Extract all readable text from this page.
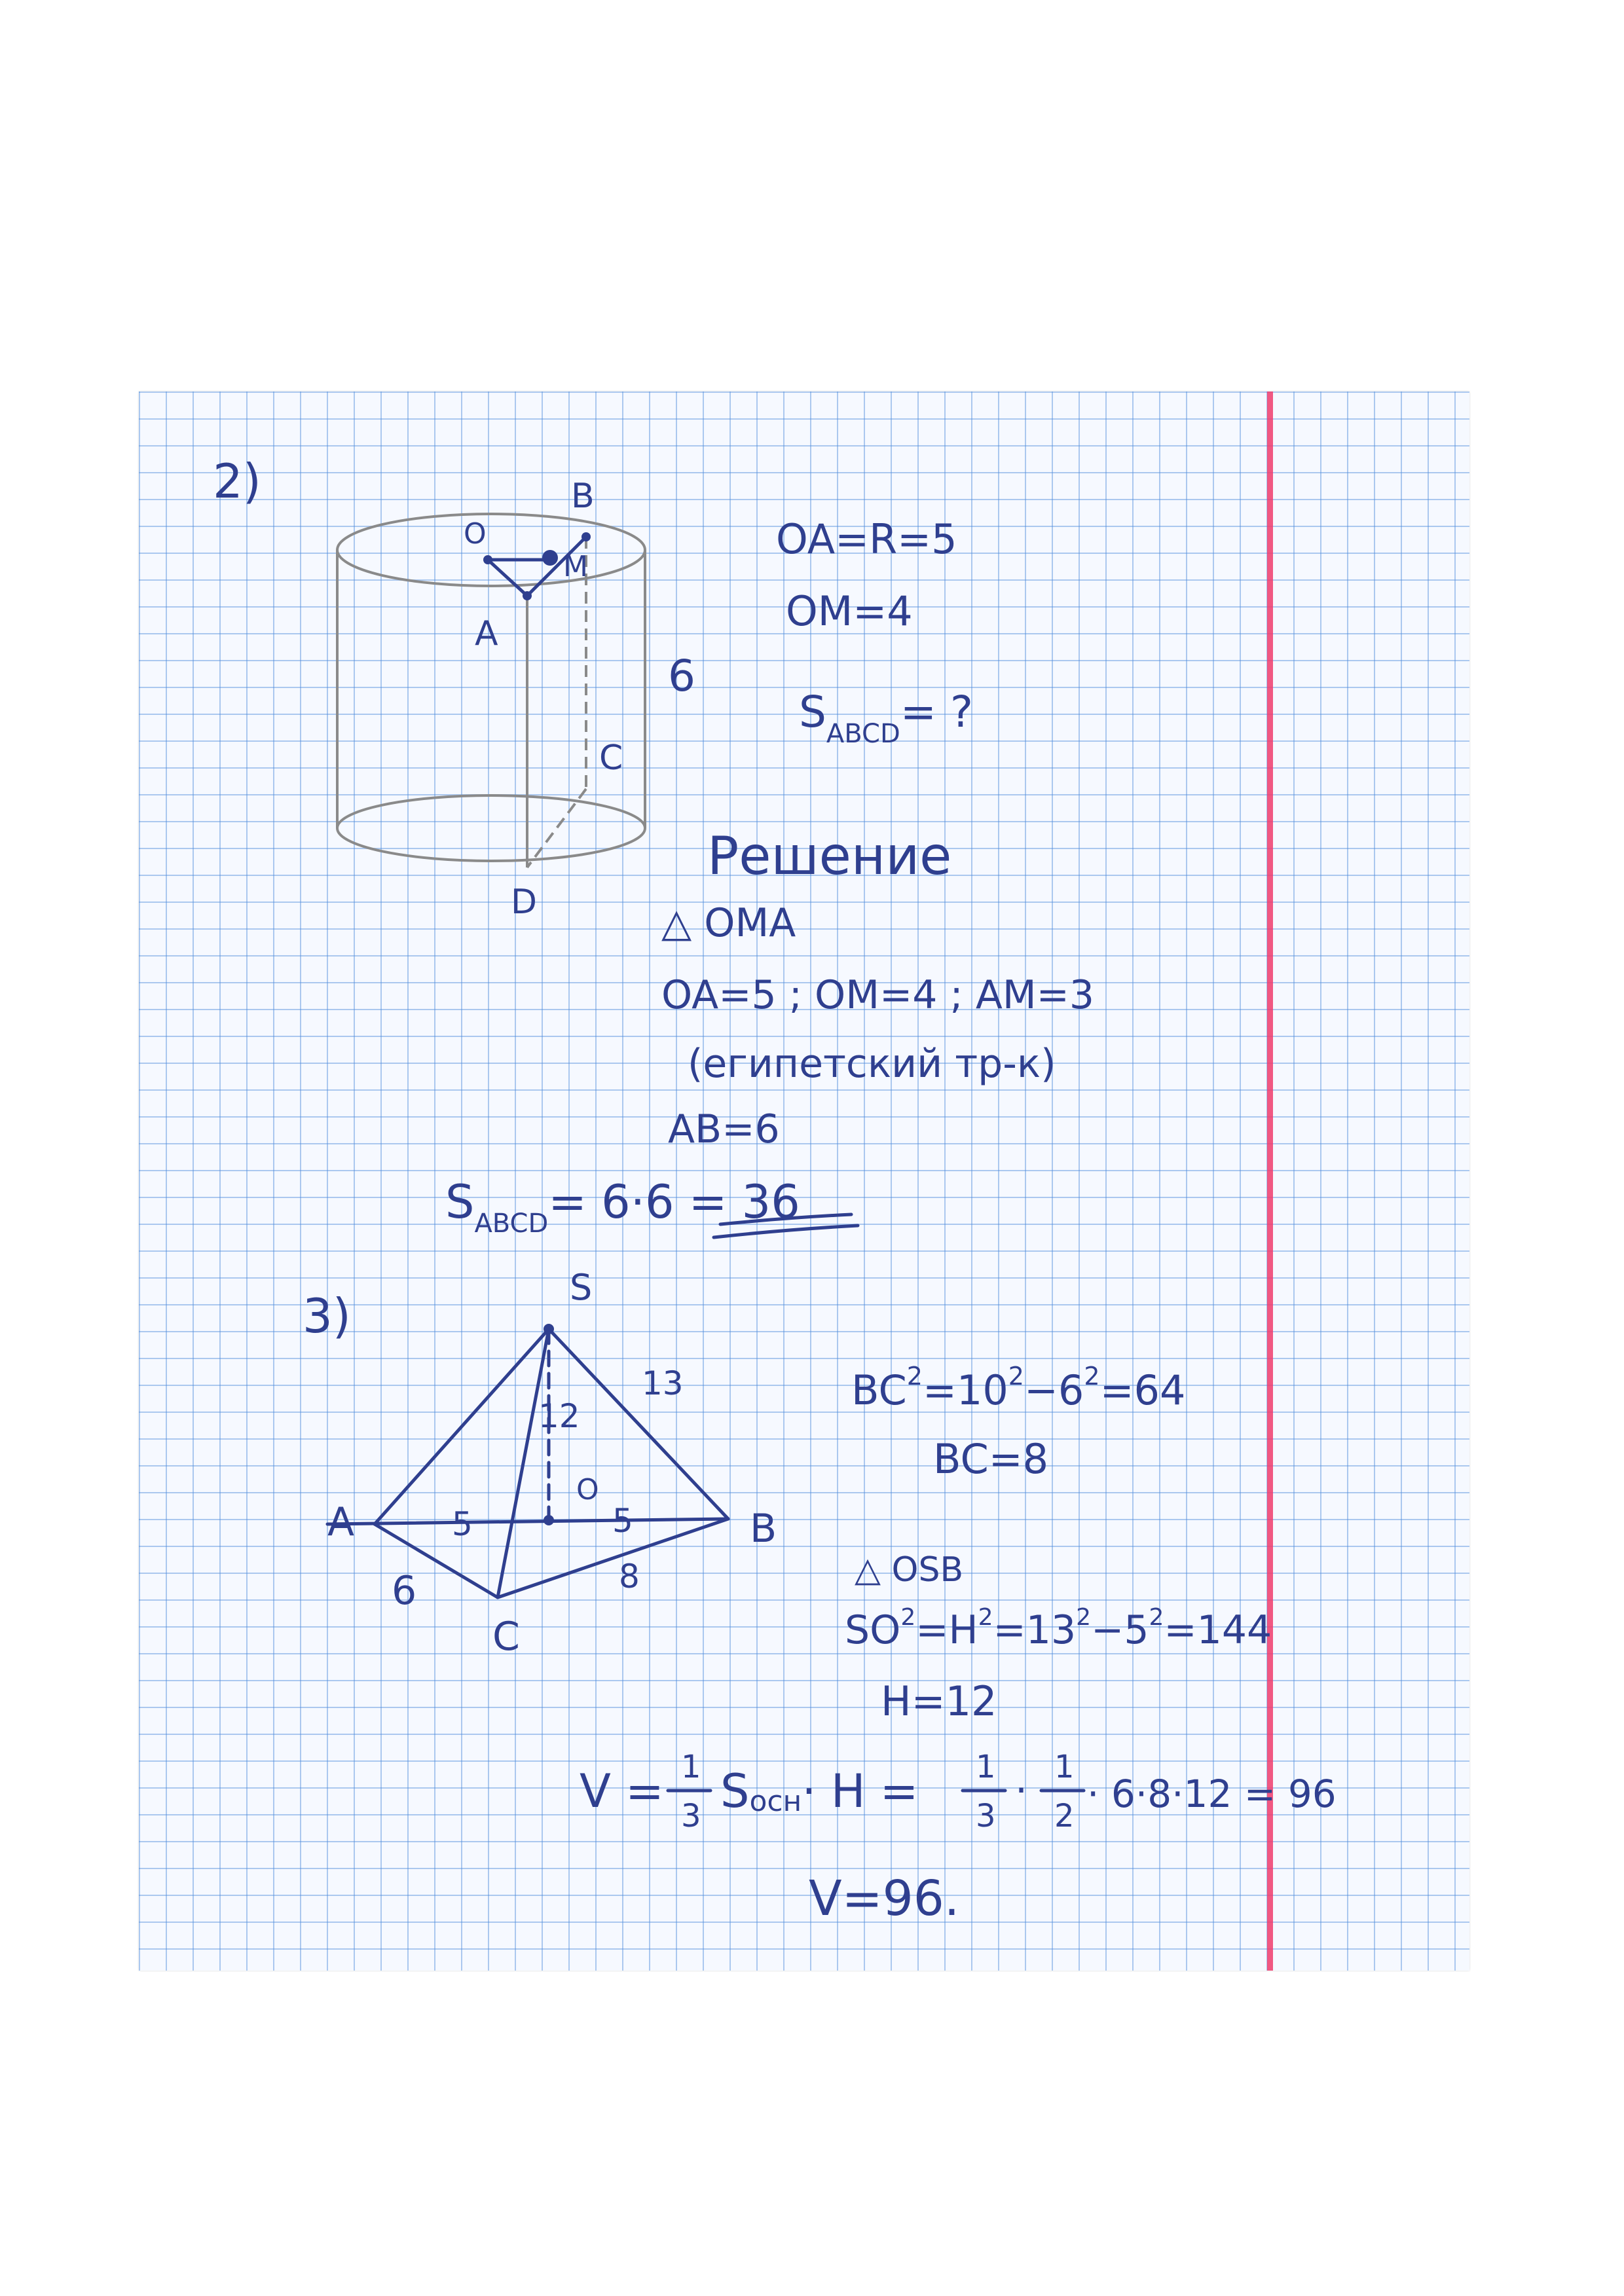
2)	B
O
M
A
C
D
6
OA=R=5
OM=4
$S_{ABCD}=$ ?
Решение
△ OMA
OA=5 ; OM=4 ; AM=3
(египетский тр-к)
AB=6
$S_{ABCD}= 6\cdot 6 = 36$
3)
S
A	B
C
O
13
12
5	5
6	8
$BC^2=10^2-6^2=64$
BC=8
△ OSB
$SO^2=H^2=13^2-5^2=144$
H=12
V = 1
3 Sосн· H = 1
3
·
1
2 · 6·8·12 = 96
V=96.
